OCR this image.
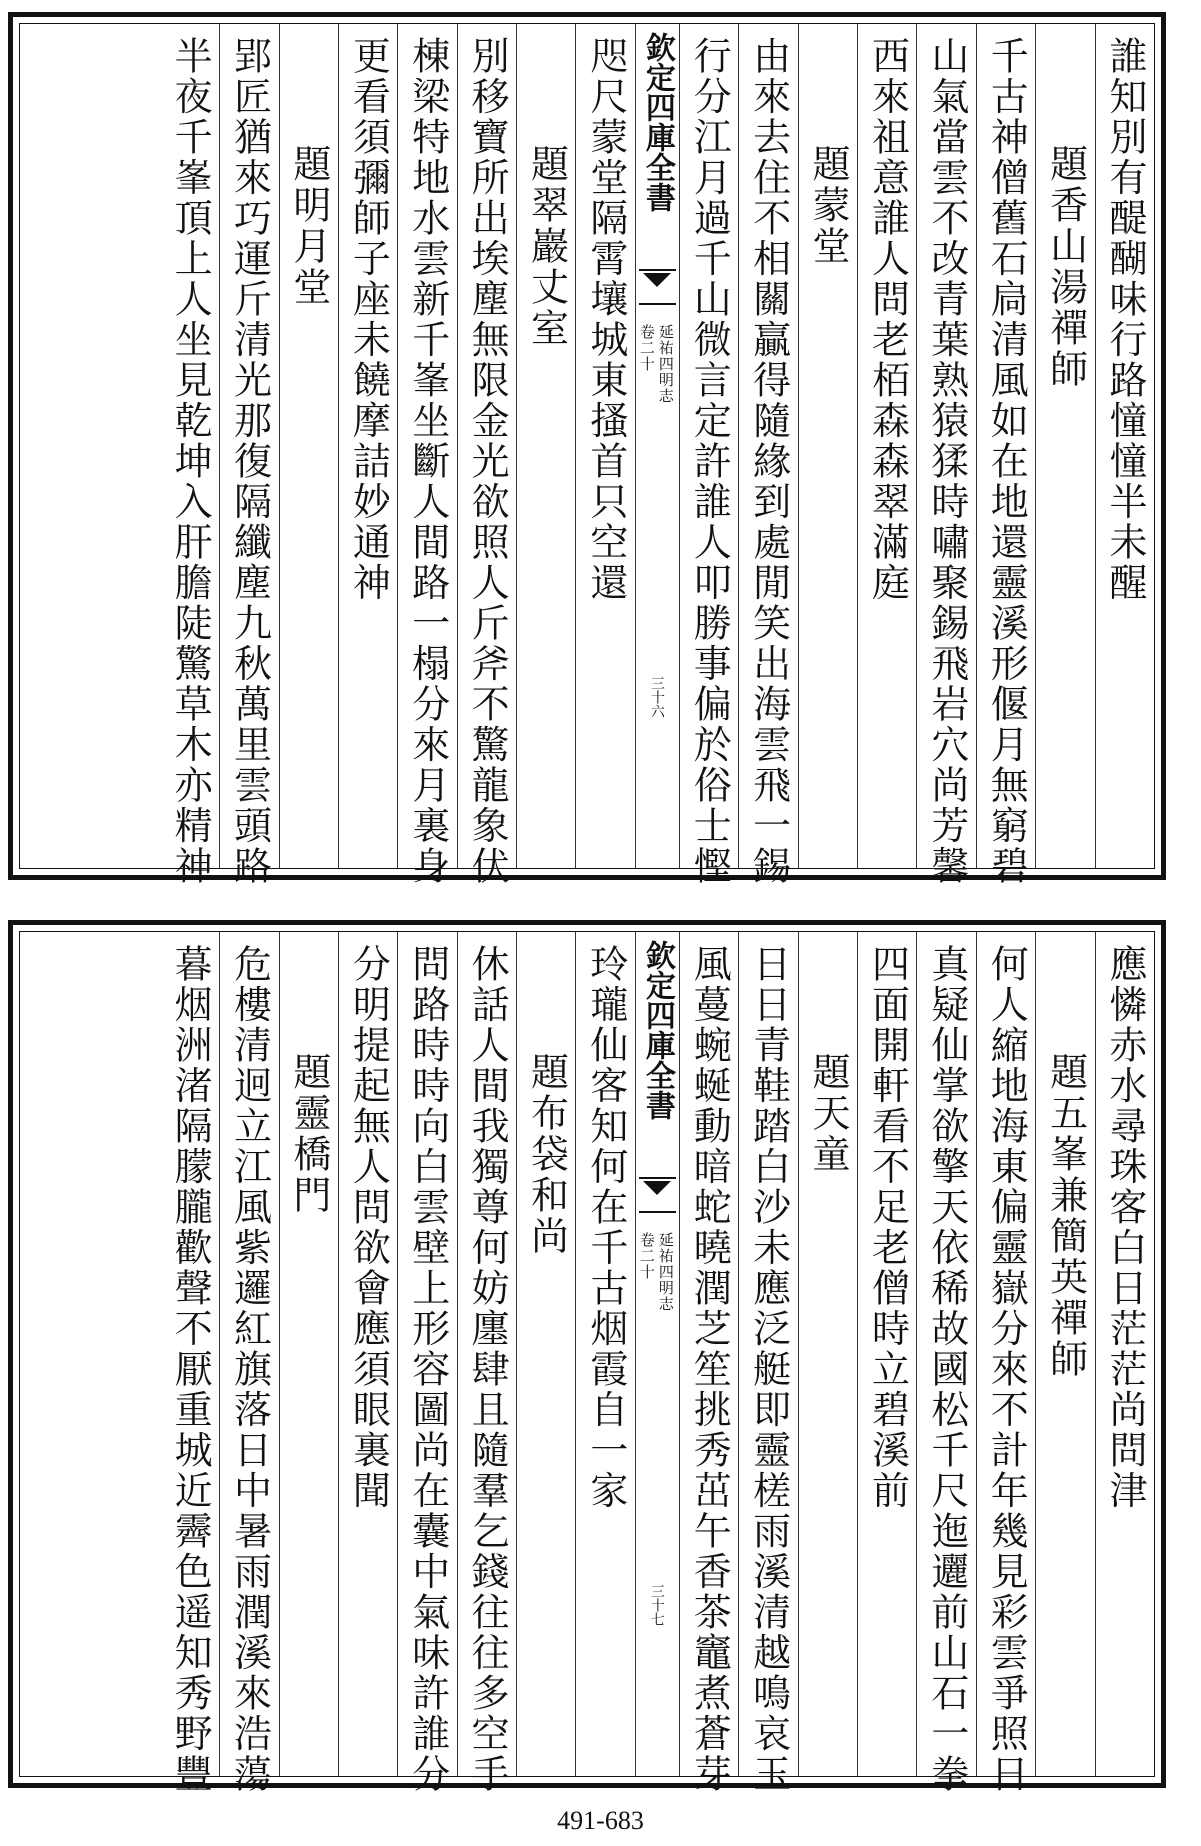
誰知別有醍醐味行路憧憧半未醒
題香山湯禪師
千古神僧舊石扃清風如在地還靈溪形偃月無窮碧
山氣當雲不改青葉熟猿猱時嘯聚錫飛岩穴尚芳馨
西來祖意誰人問老栢森森翠滿庭
題蒙堂
由來去住不相關贏得隨緣到處閒笑出海雲飛一錫
行分江月過千山微言定許誰人叩勝事偏於俗士慳
欽定四庫全書
延祐四明志
卷二十
三十六
咫尺蒙堂隔霄壤城東搔首只空還
題翠巖丈室
別移寶所出埃塵無限金光欲照人斤斧不驚龍象伏
棟梁特地水雲新千峯坐斷人間路一榻分來月裏身
更看須彌師子座未饒摩詰妙通神
題明月堂
郢匠猶來巧運斤清光那復隔纖塵九秋萬里雲頭路
半夜千峯頂上人坐見乾坤入肝膽陡驚草木亦精神
應憐赤水尋珠客白日茫茫尚問津
題五峯兼簡英禪師
何人縮地海東偏靈嶽分來不計年幾見彩雲爭照日
真疑仙掌欲擎天依稀故國松千尺迤邐前山石一拳
四面開軒看不足老僧時立碧溪前
題天童
日日青鞋踏白沙未應泛艇即靈槎雨溪清越鳴哀玉
風蔓蜿蜒動暗蛇曉潤芝笙挑秀茁午香茶竈煮蒼芽
欽定四庫全書
延祐四明志
卷二十
三十七
玲瓏仙客知何在千古烟霞自一家
題布袋和尚
休話人間我獨尊何妨廛肆且隨羣乞錢往往多空手
問路時時向白雲壁上形容圖尚在囊中氣味許誰分
分明提起無人問欲會應須眼裏聞
題靈橋門
危樓清迥立江風紫邏紅旗落日中暑雨潤溪來浩蕩
暮烟洲渚隔朦朧歡聲不厭重城近霽色遥知秀野豐
491-683
